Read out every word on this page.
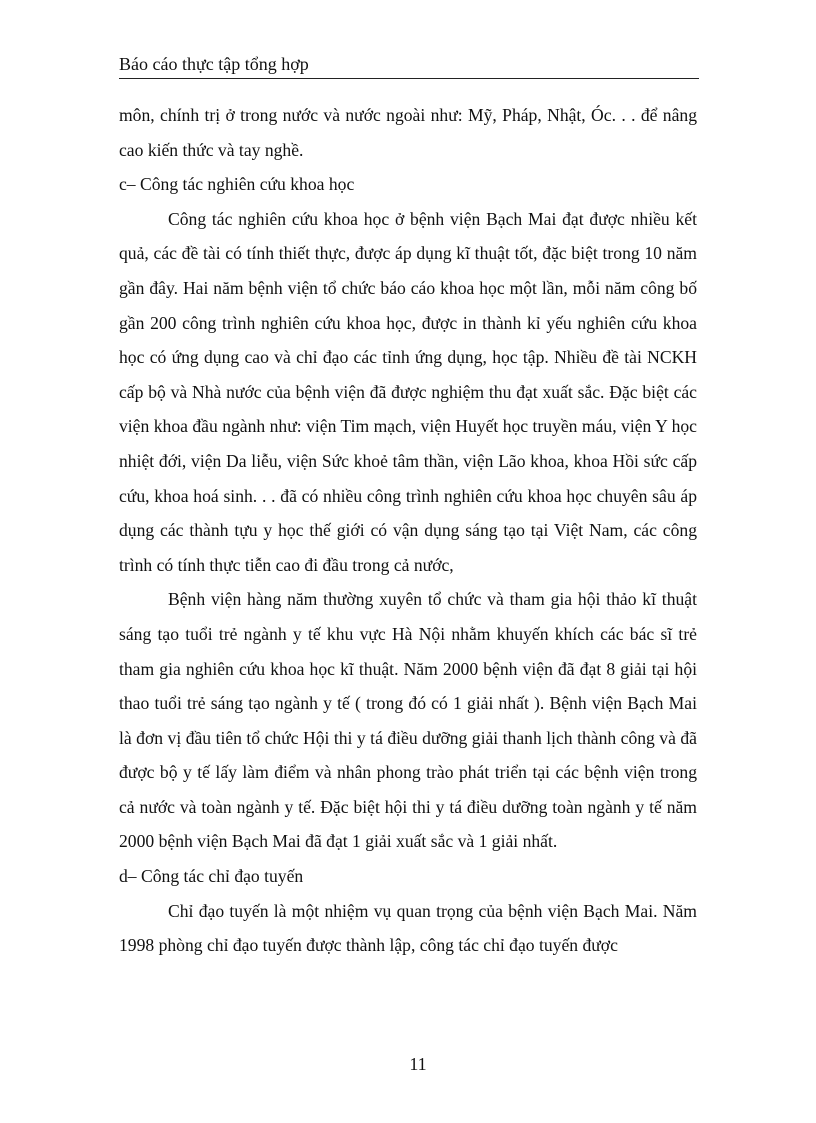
Báo cáo thực tập tổng hợp

môn, chính trị ở trong nước và nước ngoài như: Mỹ, Pháp, Nhật, Óc. . . để nâng cao kiến thức và tay nghề.

c– Công tác nghiên cứu khoa học

Công tác nghiên cứu khoa học ở bệnh viện Bạch Mai đạt được nhiều kết quả, các đề tài có tính thiết thực, được áp dụng kĩ thuật tốt, đặc biệt trong 10 năm gần đây. Hai năm bệnh viện tổ chức báo cáo khoa học một lần, mỗi năm công bố gần 200 công trình nghiên cứu khoa học, được in thành kỉ yếu nghiên cứu khoa học có ứng dụng cao và chỉ đạo các tỉnh ứng dụng, học tập. Nhiều đề tài NCKH cấp bộ và Nhà nước của bệnh viện đã được nghiệm thu đạt xuất sắc. Đặc biệt các viện khoa đầu ngành như: viện Tim mạch, viện Huyết học truyền máu, viện Y học nhiệt đới, viện Da liễu, viện Sức khoẻ tâm thần, viện Lão khoa, khoa Hồi sức cấp cứu, khoa hoá sinh. . . đã có nhiều công trình nghiên cứu khoa học chuyên sâu áp dụng các thành tựu y học thế giới có vận dụng sáng tạo tại Việt Nam, các công trình có tính thực tiễn cao đi đầu trong cả nước,

Bệnh viện hàng năm thường xuyên tổ chức và tham gia hội thảo kĩ thuật sáng tạo tuổi trẻ ngành y tế khu vực Hà Nội nhằm khuyến khích các bác sĩ trẻ tham gia nghiên cứu khoa học kĩ thuật. Năm 2000 bệnh viện đã đạt 8 giải tại hội thao tuổi trẻ sáng tạo ngành y tế ( trong đó có 1 giải nhất ). Bệnh viện Bạch Mai là đơn vị đầu tiên tổ chức Hội thi y tá điều dưỡng giải thanh lịch thành công và đã được bộ y tế lấy làm điểm và nhân phong trào phát triển tại các bệnh viện trong cả nước và toàn ngành y tế. Đặc biệt hội thi y tá điều dưỡng toàn ngành y tế năm 2000 bệnh viện Bạch Mai đã đạt 1 giải xuất sắc và 1 giải nhất.

d– Công tác chỉ đạo tuyến

Chỉ đạo tuyến là một nhiệm vụ quan trọng của bệnh viện Bạch Mai. Năm 1998 phòng chỉ đạo tuyến được thành lập, công tác chỉ đạo tuyến được

11
